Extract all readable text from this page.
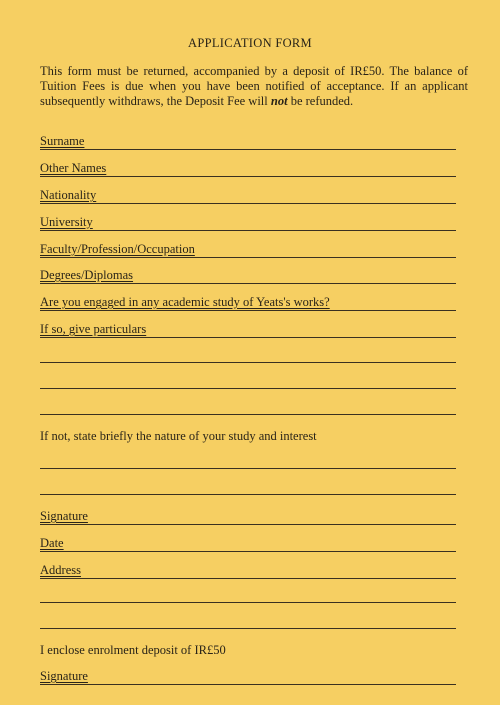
APPLICATION FORM

This form must be returned, accompanied by a deposit of IR£50. The balance of Tuition Fees is due when you have been notified of acceptance. If an applicant subsequently withdraws, the Deposit Fee will not be refunded.

Surname
Other Names
Nationality
University
Faculty/Profession/Occupation
Degrees/Diplomas
Are you engaged in any academic study of Yeats's works?
If so, give particulars
If not, state briefly the nature of your study and interest
Signature
Date
Address
I enclose enrolment deposit of IR£50
Signature
